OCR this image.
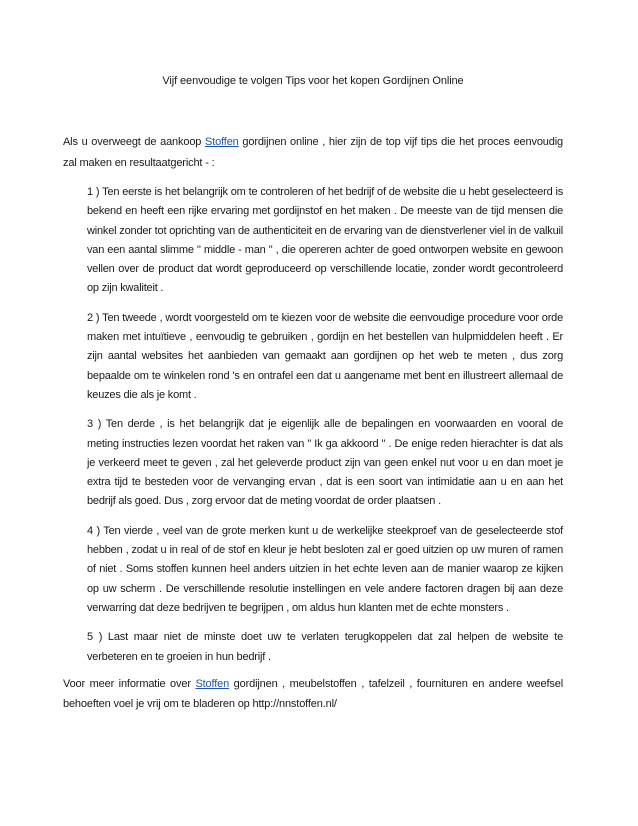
Vijf eenvoudige te volgen Tips voor het kopen Gordijnen Online

Als u overweegt de aankoop Stoffen gordijnen online , hier zijn de top vijf tips die het proces eenvoudig zal maken en resultaatgericht - :

1 ) Ten eerste is het belangrijk om te controleren of het bedrijf of de website die u hebt geselecteerd is bekend en heeft een rijke ervaring met gordijnstof en het maken . De meeste van de tijd mensen die winkel zonder tot oprichting van de authenticiteit en de ervaring van de dienstverlener viel in de valkuil van een aantal slimme " middle - man " , die opereren achter de goed ontworpen website en gewoon vellen over de product dat wordt geproduceerd op verschillende locatie, zonder wordt gecontroleerd op zijn kwaliteit .

2 ) Ten tweede , wordt voorgesteld om te kiezen voor de website die eenvoudige procedure voor orde maken met intuïtieve , eenvoudig te gebruiken , gordijn en het bestellen van hulpmiddelen heeft . Er zijn aantal websites het aanbieden van gemaakt aan gordijnen op het web te meten , dus zorg bepaalde om te winkelen rond 's en ontrafel een dat u aangename met bent en illustreert allemaal de keuzes die als je komt .

3 ) Ten derde , is het belangrijk dat je eigenlijk alle de bepalingen en voorwaarden en vooral de meting instructies lezen voordat het raken van " Ik ga akkoord " . De enige reden hierachter is dat als je verkeerd meet te geven , zal het geleverde product zijn van geen enkel nut voor u en dan moet je extra tijd te besteden voor de vervanging ervan , dat is een soort van intimidatie aan u en aan het bedrijf als goed. Dus , zorg ervoor dat de meting voordat de order plaatsen .

4 ) Ten vierde , veel van de grote merken kunt u de werkelijke steekproef van de geselecteerde stof hebben , zodat u in real of de stof en kleur je hebt besloten zal er goed uitzien op uw muren of ramen of niet . Soms stoffen kunnen heel anders uitzien in het echte leven aan de manier waarop ze kijken op uw scherm . De verschillende resolutie instellingen en vele andere factoren dragen bij aan deze verwarring dat deze bedrijven te begrijpen , om aldus hun klanten met de echte monsters .

5 ) Last maar niet de minste doet uw te verlaten terugkoppelen dat zal helpen de website te verbeteren en te groeien in hun bedrijf .

Voor meer informatie over Stoffen gordijnen , meubelstoffen , tafelzeil , fournituren en andere weefsel behoeften voel je vrij om te bladeren op http://nnstoffen.nl/
